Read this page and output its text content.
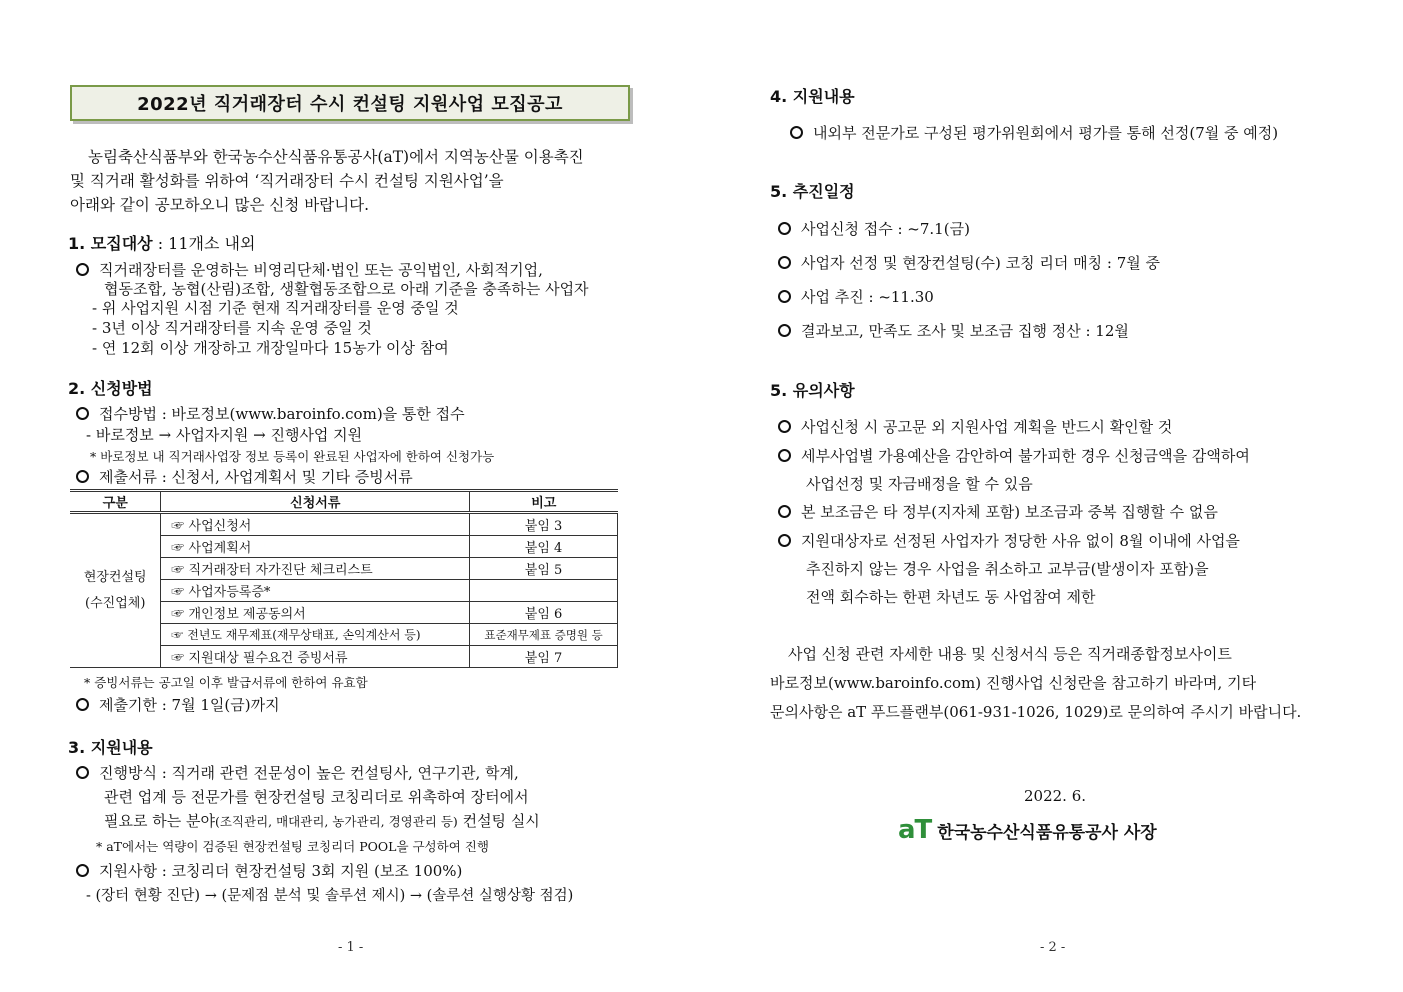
2022년 직거래장터 수시 컨설팅 지원사업 모집공고
농림축산식품부와 한국농수산식품유통공사(aT)에서 지역농산물 이용촉진
및 직거래 활성화를 위하여 ‘직거래장터 수시 컨설팅 지원사업’을
아래와 같이 공모하오니 많은 신청 바랍니다.
1. 모집대상 : 11개소 내외
직거래장터를 운영하는 비영리단체·법인 또는 공익법인, 사회적기업,
협동조합, 농협(산림)조합, 생활협동조합으로 아래 기준을 충족하는 사업자
- 위 사업지원 시점 기준 현재 직거래장터를 운영 중일 것
- 3년 이상 직거래장터를 지속 운영 중일 것
- 연 12회 이상 개장하고 개장일마다 15농가 이상 참여
2. 신청방법
접수방법 : 바로정보(www.baroinfo.com)을 통한 접수
- 바로정보 → 사업자지원 → 진행사업 지원
* 바로정보 내 직거래사업장 정보 등록이 완료된 사업자에 한하여 신청가능
제출서류 : 신청서, 사업계획서 및 기타 증빙서류
구분	신청서류	비고

현장컨설팅
(수진업체)	☞ 사업신청서	붙임 3
	☞ 사업계획서	붙임 4
	☞ 직거래장터 자가진단 체크리스트	붙임 5
	☞ 사업자등록증*	
	☞ 개인정보 제공동의서	붙임 6
	☞ 전년도 재무제표(재무상태표, 손익계산서 등)	표준재무제표 증명원 등
	☞ 지원대상 필수요건 증빙서류	붙임 7
* 증빙서류는 공고일 이후 발급서류에 한하여 유효함
제출기한 : 7월 1일(금)까지
3. 지원내용
진행방식 : 직거래 관련 전문성이 높은 컨설팅사, 연구기관, 학계,
관련 업계 등 전문가를 현장컨설팅 코칭리더로 위촉하여 장터에서
필요로 하는 분야(조직관리, 매대관리, 농가관리, 경영관리 등) 컨설팅 실시
* aT에서는 역량이 검증된 현장컨설팅 코칭리더 POOL을 구성하여 진행
지원사항 : 코칭리더 현장컨설팅 3회 지원 (보조 100%)
- (장터 현황 진단) → (문제점 분석 및 솔루션 제시) → (솔루션 실행상황 점검)
- 1 -
4. 지원내용
내외부 전문가로 구성된 평가위원회에서 평가를 통해 선정(7월 중 예정)
5. 추진일정
사업신청 접수 : ~7.1(금)
사업자 선정 및 현장컨설팅(수) 코칭 리더 매칭 : 7월 중
사업 추진 : ~11.30
결과보고, 만족도 조사 및 보조금 집행 정산 : 12월
5. 유의사항
사업신청 시 공고문 외 지원사업 계획을 반드시 확인할 것
세부사업별 가용예산을 감안하여 불가피한 경우 신청금액을 감액하여
사업선정 및 자금배정을 할 수 있음
본 보조금은 타 정부(지자체 포함) 보조금과 중복 집행할 수 없음
지원대상자로 선정된 사업자가 정당한 사유 없이 8월 이내에 사업을
추진하지 않는 경우 사업을 취소하고 교부금(발생이자 포함)을
전액 회수하는 한편 차년도 동 사업참여 제한
사업 신청 관련 자세한 내용 및 신청서식 등은 직거래종합정보사이트
바로정보(www.baroinfo.com) 진행사업 신청란을 참고하기 바라며, 기타
문의사항은 aT 푸드플랜부(061-931-1026, 1029)로 문의하여 주시기 바랍니다.
2022. 6.
- 2 -
aT 한국농수산식품유통공사 사장
